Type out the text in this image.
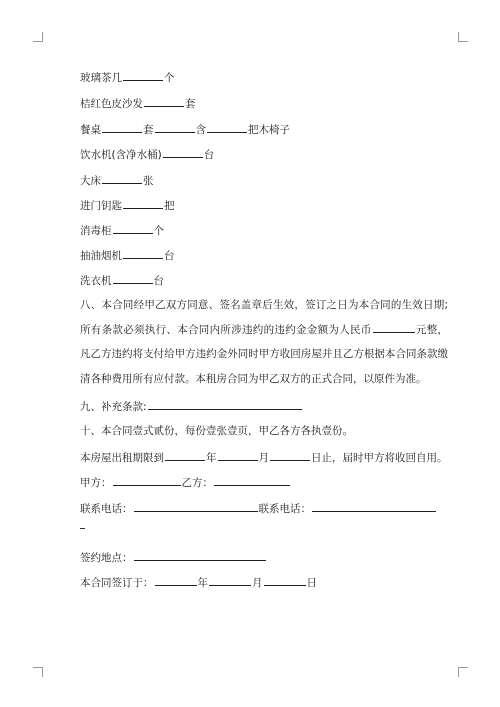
玻璃茶几	个
桔红色皮沙发	套
餐桌	套	含	把木椅子
饮水机(含净水桶)	台
大床	张
进门钥匙	把
消毒柜	个
抽油烟机	台
洗衣机	台
八、本合同经甲乙双方同意、签名盖章后生效，签订之日为本合同的生效日期;所有条款必须执行、本合同内所涉违约的违约金金额为人民币	元整，凡乙方违约将支付给甲方违约金外同时甲方收回房屋并且乙方根据本合同条款缴清各种费用所有应付款。本租房合同为甲乙双方的正式合同，以原件为准。
九、补充条款:
十、本合同壹式贰份，每份壹张壹页，甲乙各方各执壹份。
本房屋出租期限到	年	月	日止，届时甲方将收回自用。
甲方：	乙方：
联系电话：	联系电话：
签约地点：
本合同签订于：	年	月	日
